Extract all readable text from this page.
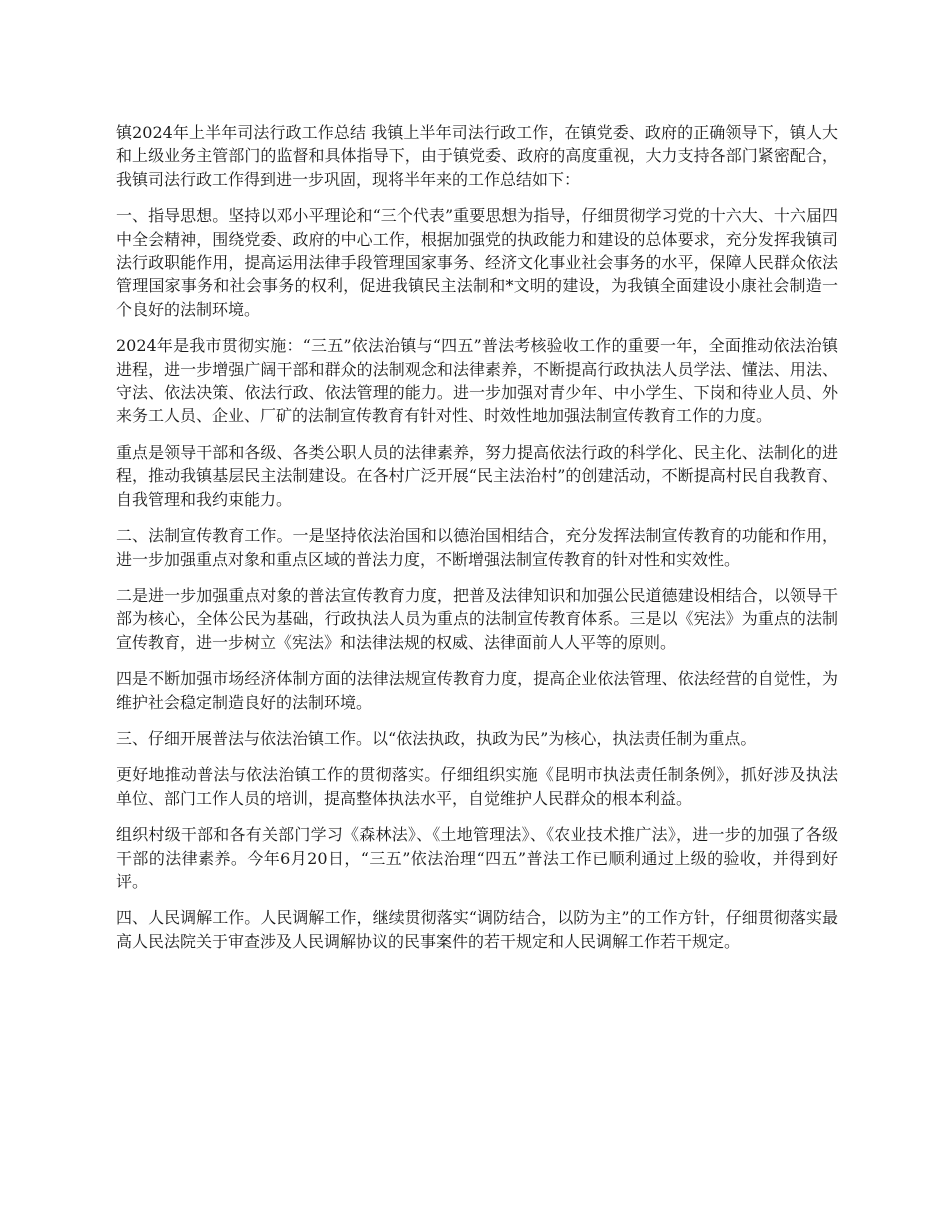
镇2024年上半年司法行政工作总结 我镇上半年司法行政工作，在镇党委、政府的正确领导下，镇人大和上级业务主管部门的监督和具体指导下，由于镇党委、政府的高度重视，大力支持各部门紧密配合，我镇司法行政工作得到进一步巩固，现将半年来的工作总结如下：

一、指导思想。坚持以邓小平理论和“三个代表”重要思想为指导，仔细贯彻学习党的十六大、十六届四中全会精神，围绕党委、政府的中心工作，根据加强党的执政能力和建设的总体要求，充分发挥我镇司法行政职能作用，提高运用法律手段管理国家事务、经济文化事业社会事务的水平，保障人民群众依法管理国家事务和社会事务的权利，促进我镇民主法制和*文明的建设，为我镇全面建设小康社会制造一个良好的法制环境。

2024年是我市贯彻实施：“三五”依法治镇与“四五”普法考核验收工作的重要一年，全面推动依法治镇进程，进一步增强广阔干部和群众的法制观念和法律素养，不断提高行政执法人员学法、懂法、用法、守法、依法决策、依法行政、依法管理的能力。进一步加强对青少年、中小学生、下岗和待业人员、外来务工人员、企业、厂矿的法制宣传教育有针对性、时效性地加强法制宣传教育工作的力度。

重点是领导干部和各级、各类公职人员的法律素养，努力提高依法行政的科学化、民主化、法制化的进程，推动我镇基层民主法制建设。在各村广泛开展“民主法治村”的创建活动，不断提高村民自我教育、自我管理和我约束能力。

二、法制宣传教育工作。一是坚持依法治国和以德治国相结合，充分发挥法制宣传教育的功能和作用，进一步加强重点对象和重点区域的普法力度，不断增强法制宣传教育的针对性和实效性。

二是进一步加强重点对象的普法宣传教育力度，把普及法律知识和加强公民道德建设相结合，以领导干部为核心，全体公民为基础，行政执法人员为重点的法制宣传教育体系。三是以《宪法》为重点的法制宣传教育，进一步树立《宪法》和法律法规的权威、法律面前人人平等的原则。

四是不断加强市场经济体制方面的法律法规宣传教育力度，提高企业依法管理、依法经营的自觉性，为维护社会稳定制造良好的法制环境。

三、仔细开展普法与依法治镇工作。以“依法执政，执政为民”为核心，执法责任制为重点。

更好地推动普法与依法治镇工作的贯彻落实。仔细组织实施《昆明市执法责任制条例》，抓好涉及执法单位、部门工作人员的培训，提高整体执法水平，自觉维护人民群众的根本利益。

组织村级干部和各有关部门学习《森林法》、《土地管理法》、《农业技术推广法》，进一步的加强了各级干部的法律素养。今年6月20日，“三五”依法治理“四五”普法工作已顺利通过上级的验收，并得到好评。

四、人民调解工作。人民调解工作，继续贯彻落实“调防结合，以防为主”的工作方针，仔细贯彻落实最高人民法院关于审查涉及人民调解协议的民事案件的若干规定和人民调解工作若干规定。
